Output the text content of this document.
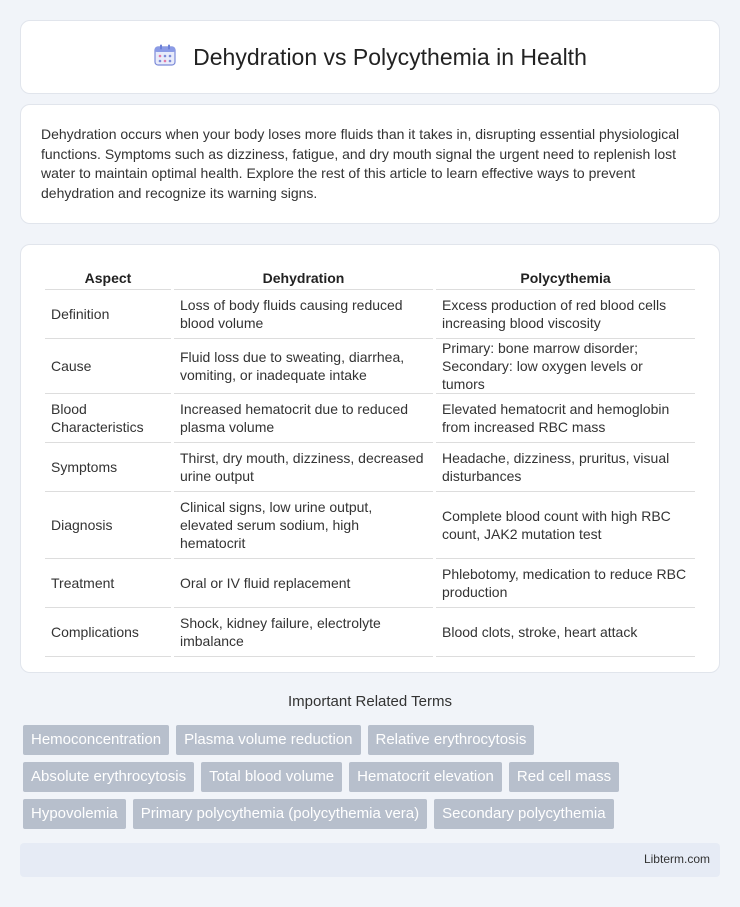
Dehydration vs Polycythemia in Health

Dehydration occurs when your body loses more fluids than it takes in, disrupting essential physiological functions. Symptoms such as dizziness, fatigue, and dry mouth signal the urgent need to replenish lost water to maintain optimal health. Explore the rest of this article to learn effective ways to prevent dehydration and recognize its warning signs.

Aspect	Dehydration	Polycythemia
Definition	Loss of body fluids causing reduced blood volume	Excess production of red blood cells increasing blood viscosity
Cause	Fluid loss due to sweating, diarrhea, vomiting, or inadequate intake	Primary: bone marrow disorder; Secondary: low oxygen levels or tumors
Blood Characteristics	Increased hematocrit due to reduced plasma volume	Elevated hematocrit and hemoglobin from increased RBC mass
Symptoms	Thirst, dry mouth, dizziness, decreased urine output	Headache, dizziness, pruritus, visual disturbances
Diagnosis	Clinical signs, low urine output, elevated serum sodium, high hematocrit	Complete blood count with high RBC count, JAK2 mutation test
Treatment	Oral or IV fluid replacement	Phlebotomy, medication to reduce RBC production
Complications	Shock, kidney failure, electrolyte imbalance	Blood clots, stroke, heart attack
Important Related Terms
Hemoconcentration	Plasma volume reduction	Relative erythrocytosis
Absolute erythrocytosis	Total blood volume	Hematocrit elevation	Red cell mass
Hypovolemia	Primary polycythemia (polycythemia vera)	Secondary polycythemia
Libterm.com
